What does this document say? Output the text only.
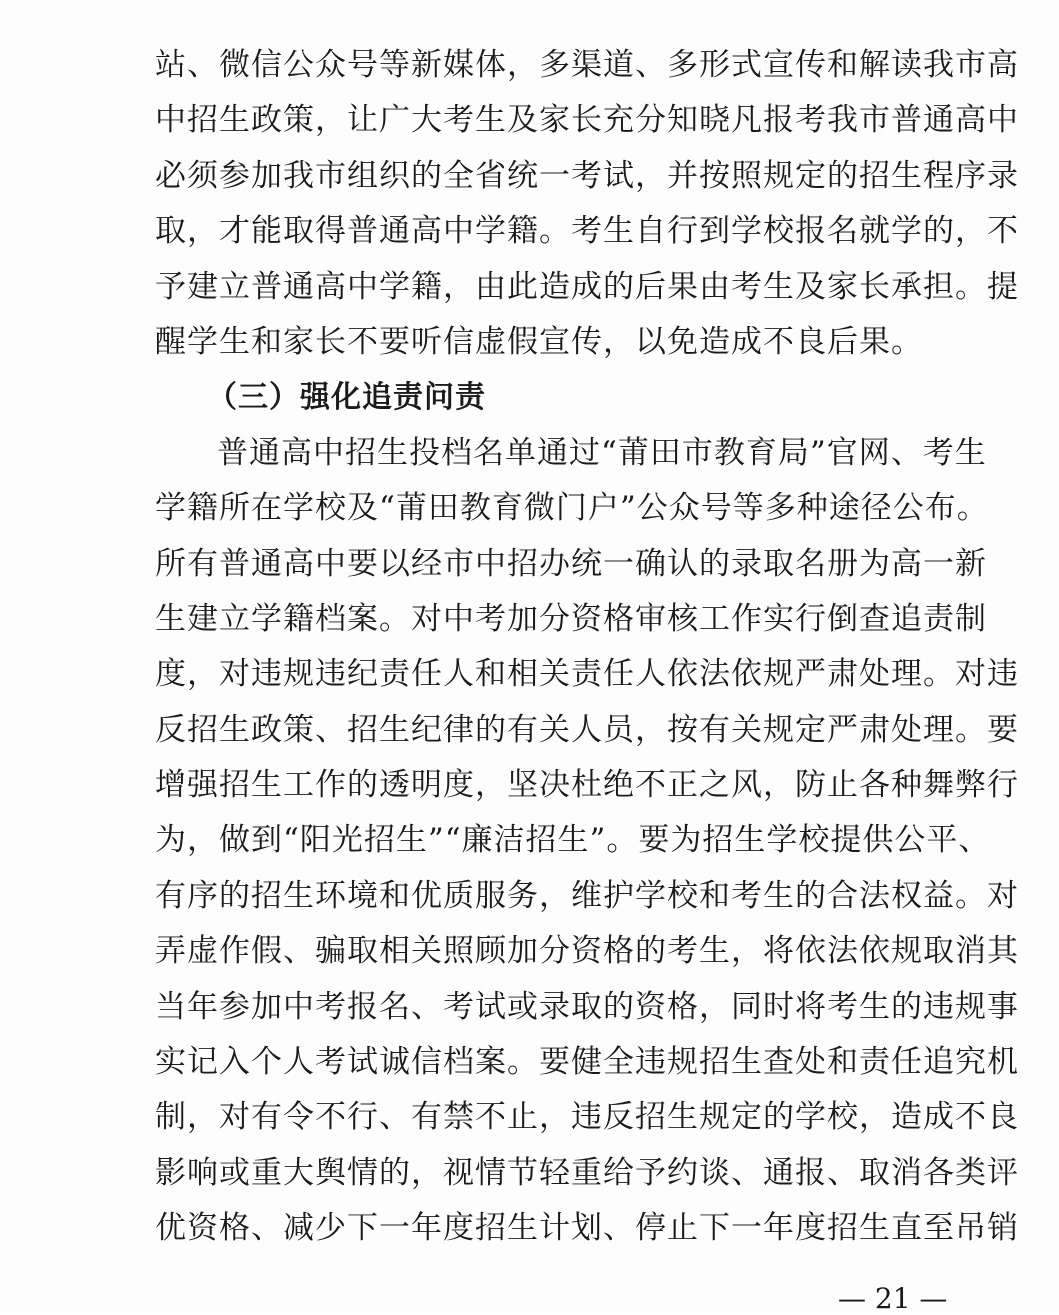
站、微信公众号等新媒体，多渠道、多形式宣传和解读我市高
中招生政策，让广大考生及家长充分知晓凡报考我市普通高中
必须参加我市组织的全省统一考试，并按照规定的招生程序录
取，才能取得普通高中学籍。考生自行到学校报名就学的，不
予建立普通高中学籍，由此造成的后果由考生及家长承担。提
醒学生和家长不要听信虚假宣传，以免造成不良后果。
（三）强化追责问责
普通高中招生投档名单通过“莆田市教育局”官网、考生
学籍所在学校及“莆田教育微门户”公众号等多种途径公布。
所有普通高中要以经市中招办统一确认的录取名册为高一新
生建立学籍档案。对中考加分资格审核工作实行倒查追责制
度，对违规违纪责任人和相关责任人依法依规严肃处理。对违
反招生政策、招生纪律的有关人员，按有关规定严肃处理。要
增强招生工作的透明度，坚决杜绝不正之风，防止各种舞弊行
为，做到“阳光招生”“廉洁招生”。要为招生学校提供公平、
有序的招生环境和优质服务，维护学校和考生的合法权益。对
弄虚作假、骗取相关照顾加分资格的考生，将依法依规取消其
当年参加中考报名、考试或录取的资格，同时将考生的违规事
实记入个人考试诚信档案。要健全违规招生查处和责任追究机
制，对有令不行、有禁不止，违反招生规定的学校，造成不良
影响或重大舆情的，视情节轻重给予约谈、通报、取消各类评
优资格、减少下一年度招生计划、停止下一年度招生直至吊销
— 21 —
